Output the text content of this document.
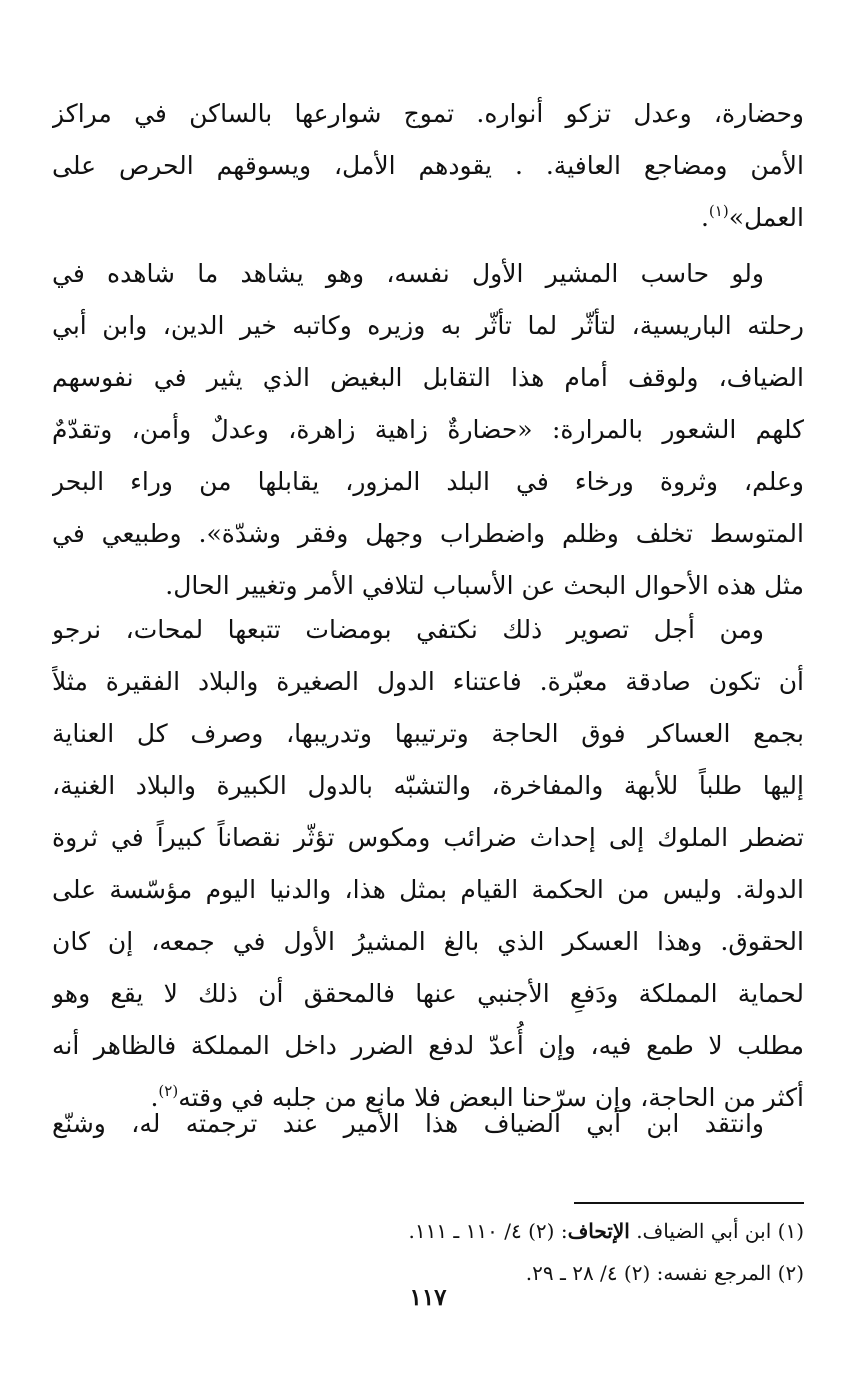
وحضارة، وعدل تزكو أنواره. تموج شوارعها بالساكن في مراكز
الأمن ومضاجع العافية. . يقودهم الأمل، ويسوقهم الحرص على
العمل»$^{(١)}$.
ولو حاسب المشير الأول نفسه، وهو يشاهد ما شاهده في
رحلته الباريسية، لتأثّر لما تأثّر به وزيره وكاتبه خير الدين، وابن أبي
الضياف، ولوقف أمام هذا التقابل البغيض الذي يثير في نفوسهم
كلهم الشعور بالمرارة: «حضارةٌ زاهية زاهرة، وعدلٌ وأمن، وتقدّمٌ
وعلم، وثروة ورخاء في البلد المزور، يقابلها من وراء البحر
المتوسط تخلف وظلم واضطراب وجهل وفقر وشدّة». وطبيعي في
مثل هذه الأحوال البحث عن الأسباب لتلافي الأمر وتغيير الحال.
ومن أجل تصوير ذلك نكتفي بومضات تتبعها لمحات، نرجو
أن تكون صادقة معبّرة. فاعتناء الدول الصغيرة والبلاد الفقيرة مثلاً
بجمع العساكر فوق الحاجة وترتيبها وتدريبها، وصرف كل العناية
إليها طلباً للأبهة والمفاخرة، والتشبّه بالدول الكبيرة والبلاد الغنية،
تضطر الملوك إلى إحداث ضرائب ومكوس تؤثّر نقصاناً كبيراً في ثروة
الدولة. وليس من الحكمة القيام بمثل هذا، والدنيا اليوم مؤسّسة على
الحقوق. وهذا العسكر الذي بالغ المشيرُ الأول في جمعه، إن كان
لحماية المملكة ودَفعِ الأجنبي عنها فالمحقق أن ذلك لا يقع وهو
مطلب لا طمع فيه، وإن أُعدّ لدفع الضرر داخل المملكة فالظاهر أنه
أكثر من الحاجة، وإن سرّحنا البعض فلا مانع من جلبه في وقته$^{(٢)}$.
وانتقد ابن أبي الضياف هذا الأمير عند ترجمته له، وشنّع
(١) ابن أبي الضياف. الإتحاف: (٢) ٤/ ١١٠ ـ ١١١.
(٢) المرجع نفسه: (٢) ٤/ ٢٨ ـ ٢٩.
١١٧
